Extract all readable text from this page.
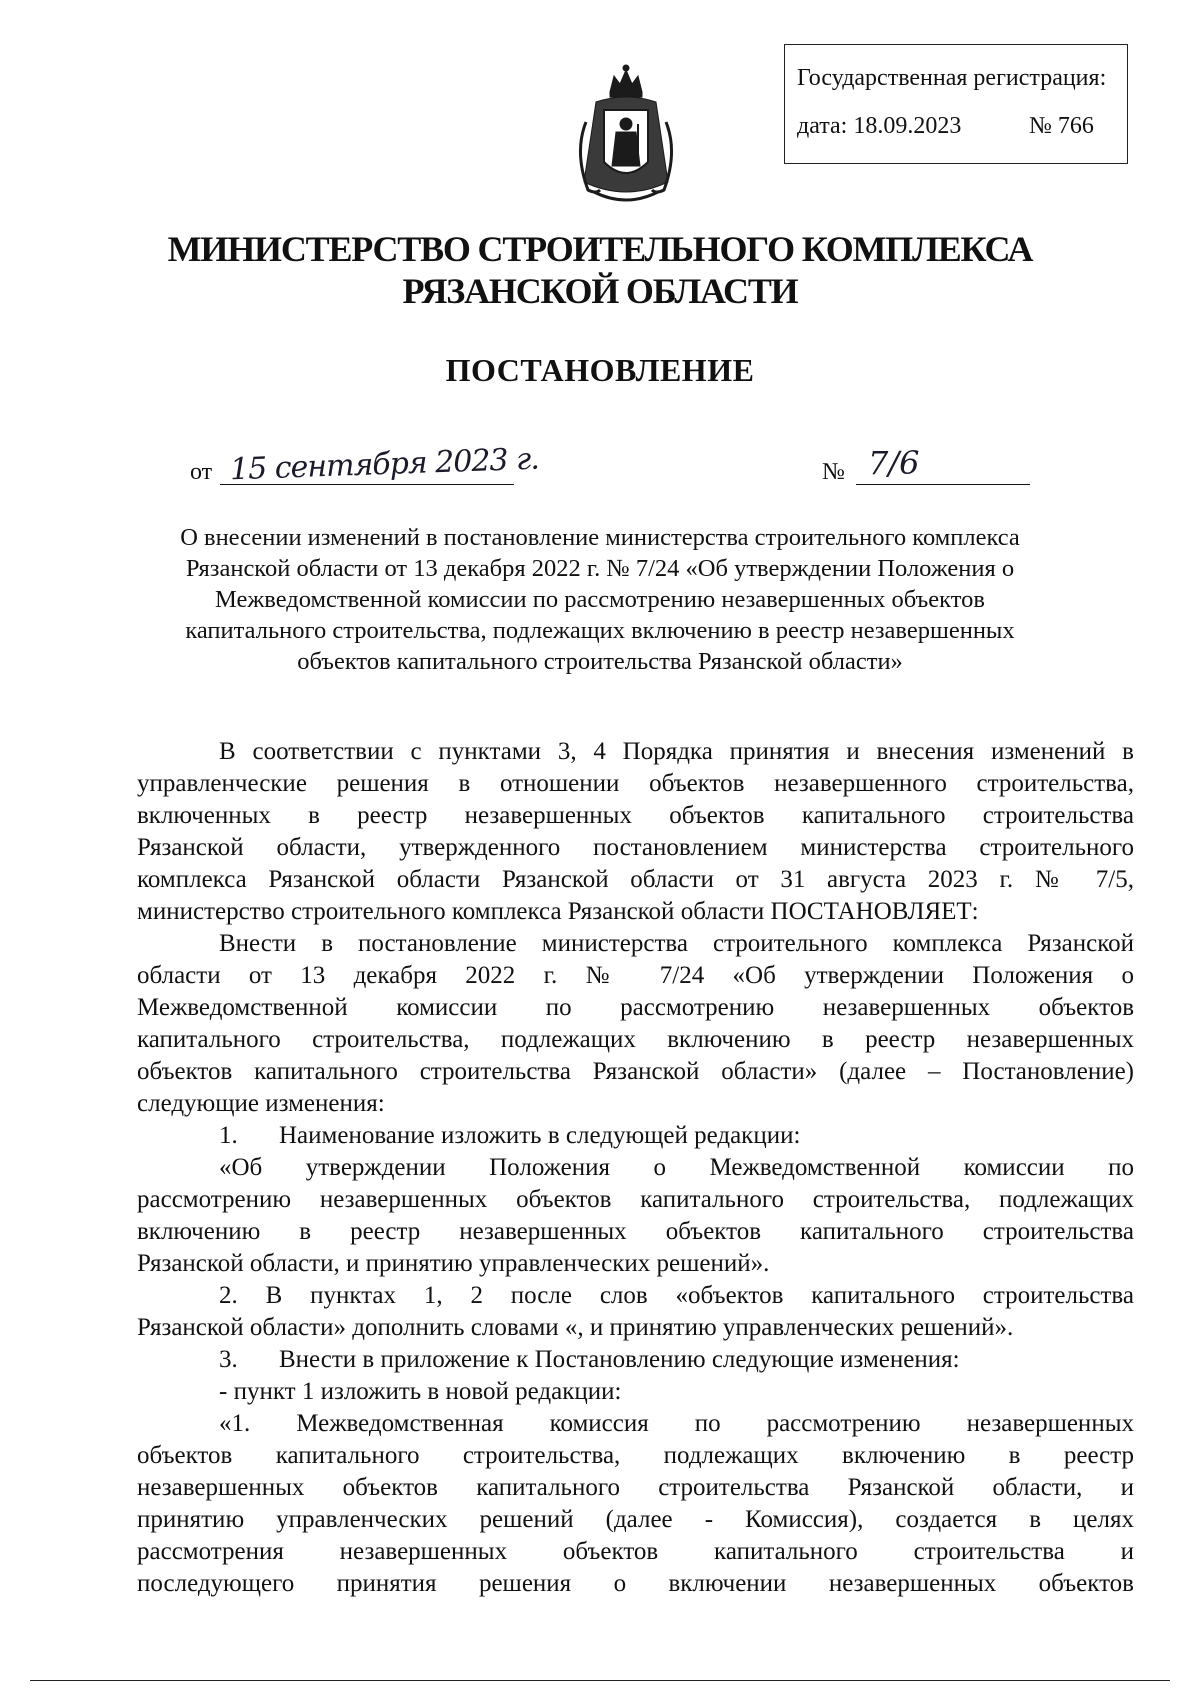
Государственная регистрация:
дата: 18.09.2023	№ 766
МИНИСТЕРСТВО СТРОИТЕЛЬНОГО КОМПЛЕКСА
РЯЗАНСКОЙ ОБЛАСТИ
ПОСТАНОВЛЕНИЕ
от 15 сентября 2023 г.	№ 7/6
О внесении изменений в постановление министерства строительного комплекса
Рязанской области от 13 декабря 2022 г. № 7/24 «Об утверждении Положения о
Межведомственной комиссии по рассмотрению незавершенных объектов
капитального строительства, подлежащих включению в реестр незавершенных
объектов капитального строительства Рязанской области»
В соответствии с пунктами 3, 4 Порядка принятия и внесения изменений в
управленческие решения в отношении объектов незавершенного строительства,
включенных в реестр незавершенных объектов капитального строительства
Рязанской области, утвержденного постановлением министерства строительного
комплекса Рязанской области Рязанской области от 31 августа 2023 г. № 7/5,
министерство строительного комплекса Рязанской области ПОСТАНОВЛЯЕТ:
Внести в постановление министерства строительного комплекса Рязанской
области от 13 декабря 2022 г. № 7/24 «Об утверждении Положения о
Межведомственной комиссии по рассмотрению незавершенных объектов
капитального строительства, подлежащих включению в реестр незавершенных
объектов капитального строительства Рязанской области» (далее – Постановление)
следующие изменения:
1.	Наименование изложить в следующей редакции:
«Об утверждении Положения о Межведомственной комиссии по
рассмотрению незавершенных объектов капитального строительства, подлежащих
включению в реестр незавершенных объектов капитального строительства
Рязанской области, и принятию управленческих решений».
2. В пунктах 1, 2 после слов «объектов капитального строительства
Рязанской области» дополнить словами «, и принятию управленческих решений».
3.	Внести в приложение к Постановлению следующие изменения:
- пункт 1 изложить в новой редакции:
«1. Межведомственная комиссия по рассмотрению незавершенных
объектов капитального строительства, подлежащих включению в реестр
незавершенных объектов капитального строительства Рязанской области, и
принятию управленческих решений (далее - Комиссия), создается в целях
рассмотрения незавершенных объектов капитального строительства и
последующего принятия решения о включении незавершенных объектов
